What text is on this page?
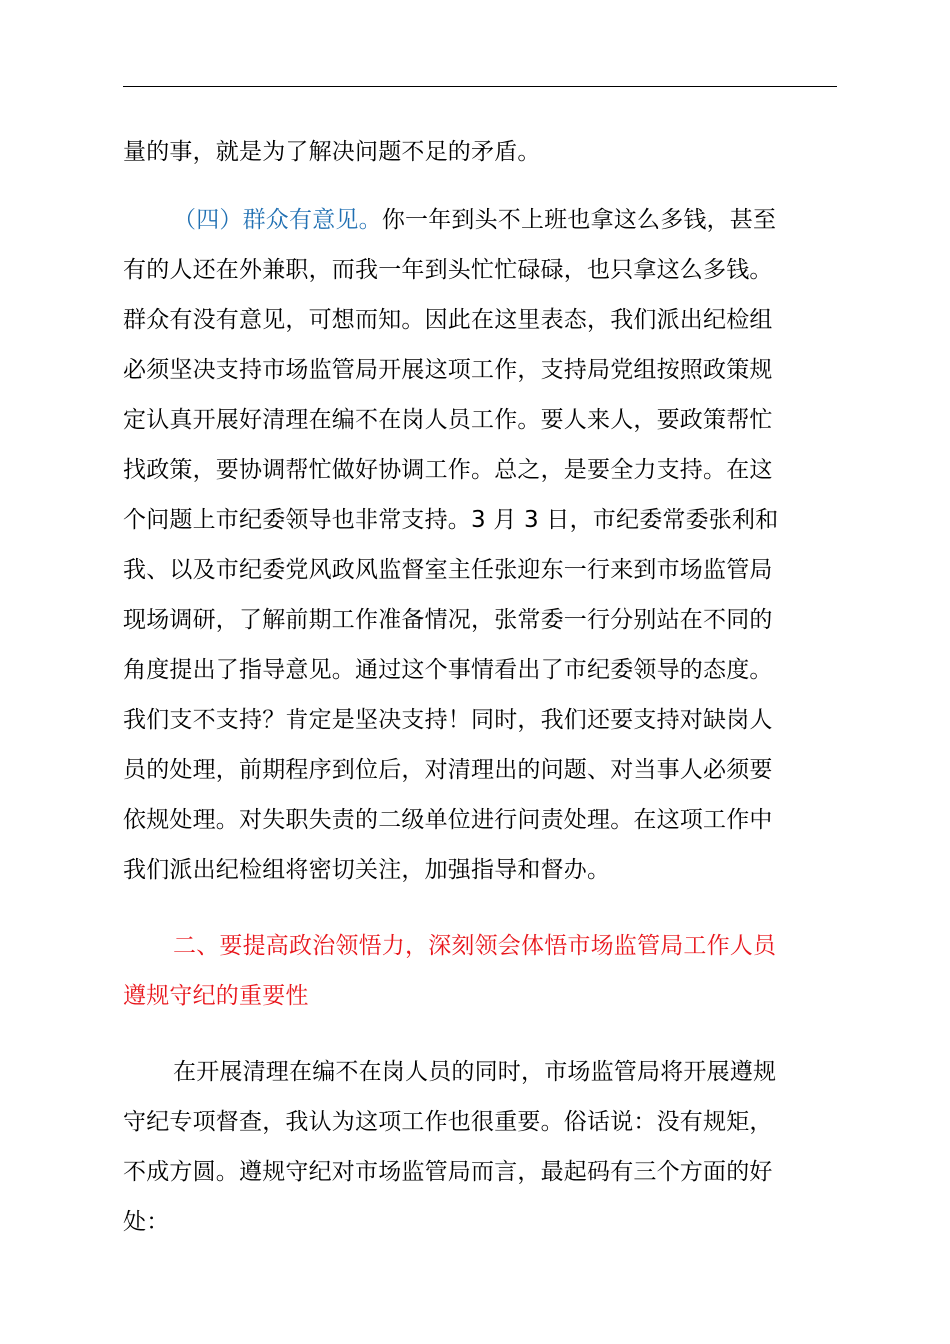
量的事，就是为了解决问题不足的矛盾。
（四）群众有意见。你一年到头不上班也拿这么多钱，甚至
有的人还在外兼职，而我一年到头忙忙碌碌，也只拿这么多钱。
群众有没有意见，可想而知。因此在这里表态，我们派出纪检组
必须坚决支持市场监管局开展这项工作，支持局党组按照政策规
定认真开展好清理在编不在岗人员工作。要人来人，要政策帮忙
找政策，要协调帮忙做好协调工作。总之，是要全力支持。在这
个问题上市纪委领导也非常支持。3 月 3 日，市纪委常委张利和
我、以及市纪委党风政风监督室主任张迎东一行来到市场监管局
现场调研，了解前期工作准备情况，张常委一行分别站在不同的
角度提出了指导意见。通过这个事情看出了市纪委领导的态度。
我们支不支持？肯定是坚决支持！同时，我们还要支持对缺岗人
员的处理，前期程序到位后，对清理出的问题、对当事人必须要
依规处理。对失职失责的二级单位进行问责处理。在这项工作中
我们派出纪检组将密切关注，加强指导和督办。
二、要提高政治领悟力，深刻领会体悟市场监管局工作人员
遵规守纪的重要性
在开展清理在编不在岗人员的同时，市场监管局将开展遵规
守纪专项督查，我认为这项工作也很重要。俗话说：没有规矩，
不成方圆。遵规守纪对市场监管局而言，最起码有三个方面的好
处：
